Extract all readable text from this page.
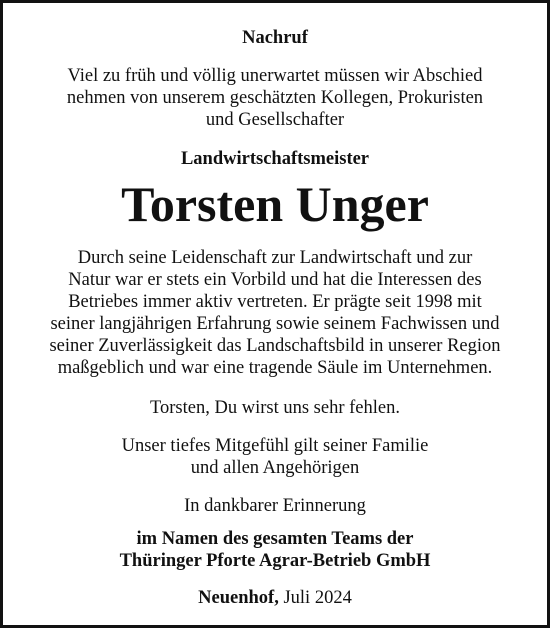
Nachruf
Viel zu früh und völlig unerwartet müssen wir Abschied
nehmen von unserem geschätzten Kollegen, Prokuristen
und Gesellschafter
Landwirtschaftsmeister
Torsten Unger
Durch seine Leidenschaft zur Landwirtschaft und zur
Natur war er stets ein Vorbild und hat die Interessen des
Betriebes immer aktiv vertreten. Er prägte seit 1998 mit
seiner langjährigen Erfahrung sowie seinem Fachwissen und
seiner Zuverlässigkeit das Landschaftsbild in unserer Region
maßgeblich und war eine tragende Säule im Unternehmen.
Torsten, Du wirst uns sehr fehlen.
Unser tiefes Mitgefühl gilt seiner Familie
und allen Angehörigen
In dankbarer Erinnerung
im Namen des gesamten Teams der
Thüringer Pforte Agrar-Betrieb GmbH
Neuenhof, Juli 2024
